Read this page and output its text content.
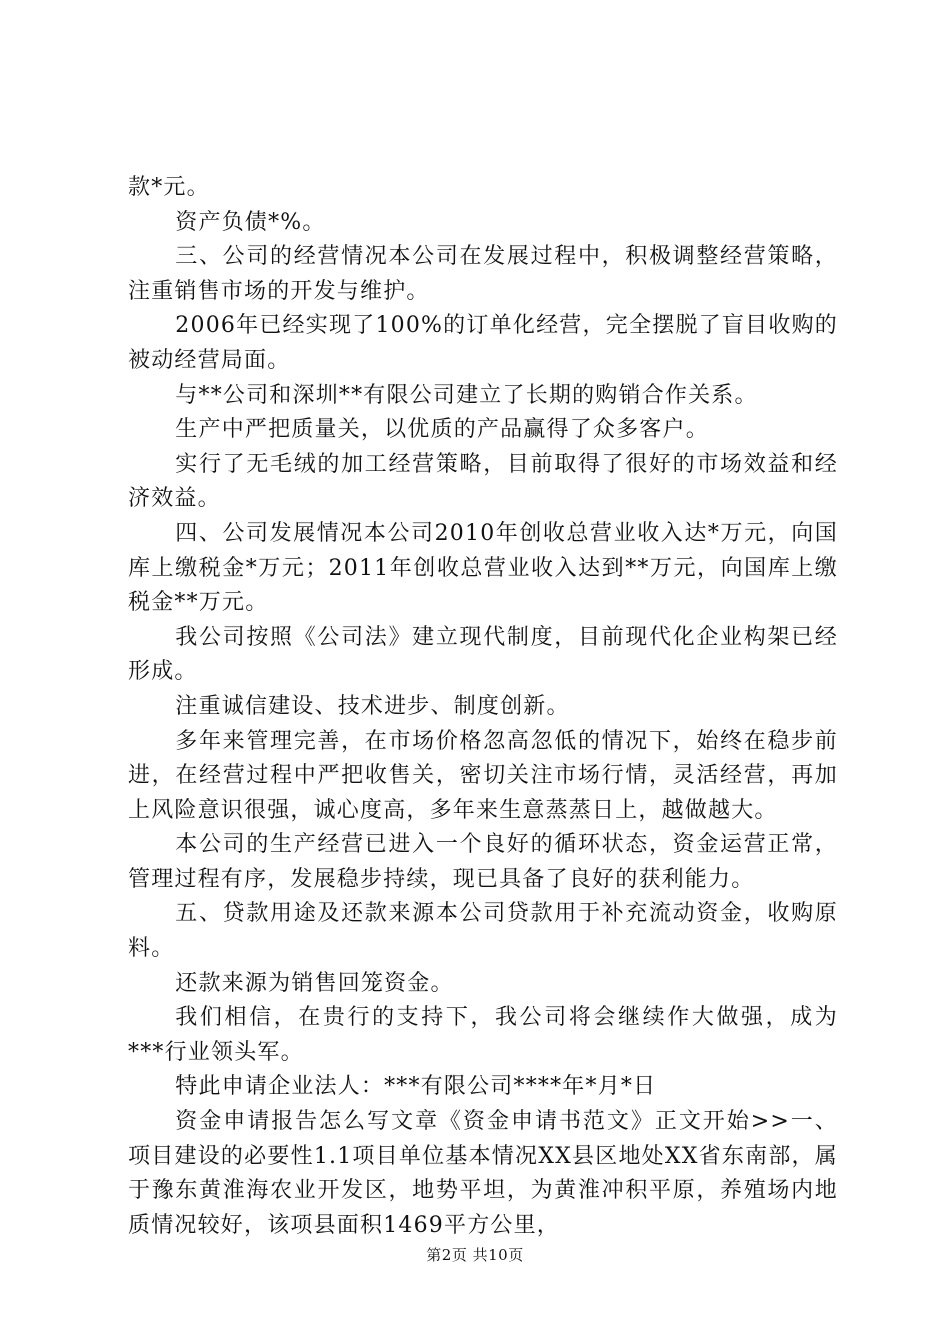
款*元。

资产负债*%。

三、公司的经营情况本公司在发展过程中，积极调整经营策略，注重销售市场的开发与维护。

2006年已经实现了100%的订单化经营，完全摆脱了盲目收购的被动经营局面。

与**公司和深圳**有限公司建立了长期的购销合作关系。

生产中严把质量关，以优质的产品赢得了众多客户。

实行了无毛绒的加工经营策略，目前取得了很好的市场效益和经济效益。

四、公司发展情况本公司2010年创收总营业收入达*万元，向国库上缴税金*万元；2011年创收总营业收入达到**万元，向国库上缴税金**万元。

我公司按照《公司法》建立现代制度，目前现代化企业构架已经形成。

注重诚信建设、技术进步、制度创新。

多年来管理完善，在市场价格忽高忽低的情况下，始终在稳步前进，在经营过程中严把收售关，密切关注市场行情，灵活经营，再加上风险意识很强，诚心度高，多年来生意蒸蒸日上，越做越大。

本公司的生产经营已进入一个良好的循环状态，资金运营正常，管理过程有序，发展稳步持续，现已具备了良好的获利能力。

五、贷款用途及还款来源本公司贷款用于补充流动资金，收购原料。

还款来源为销售回笼资金。

我们相信，在贵行的支持下，我公司将会继续作大做强，成为***行业领头军。

特此申请企业法人：***有限公司****年*月*日

资金申请报告怎么写文章《资金申请书范文》正文开始>>一、项目建设的必要性1.1项目单位基本情况XX县区地处XX省东南部，属于豫东黄淮海农业开发区，地势平坦，为黄淮冲积平原，养殖场内地质情况较好，该项县面积1469平方公里，

第2页 共10页
